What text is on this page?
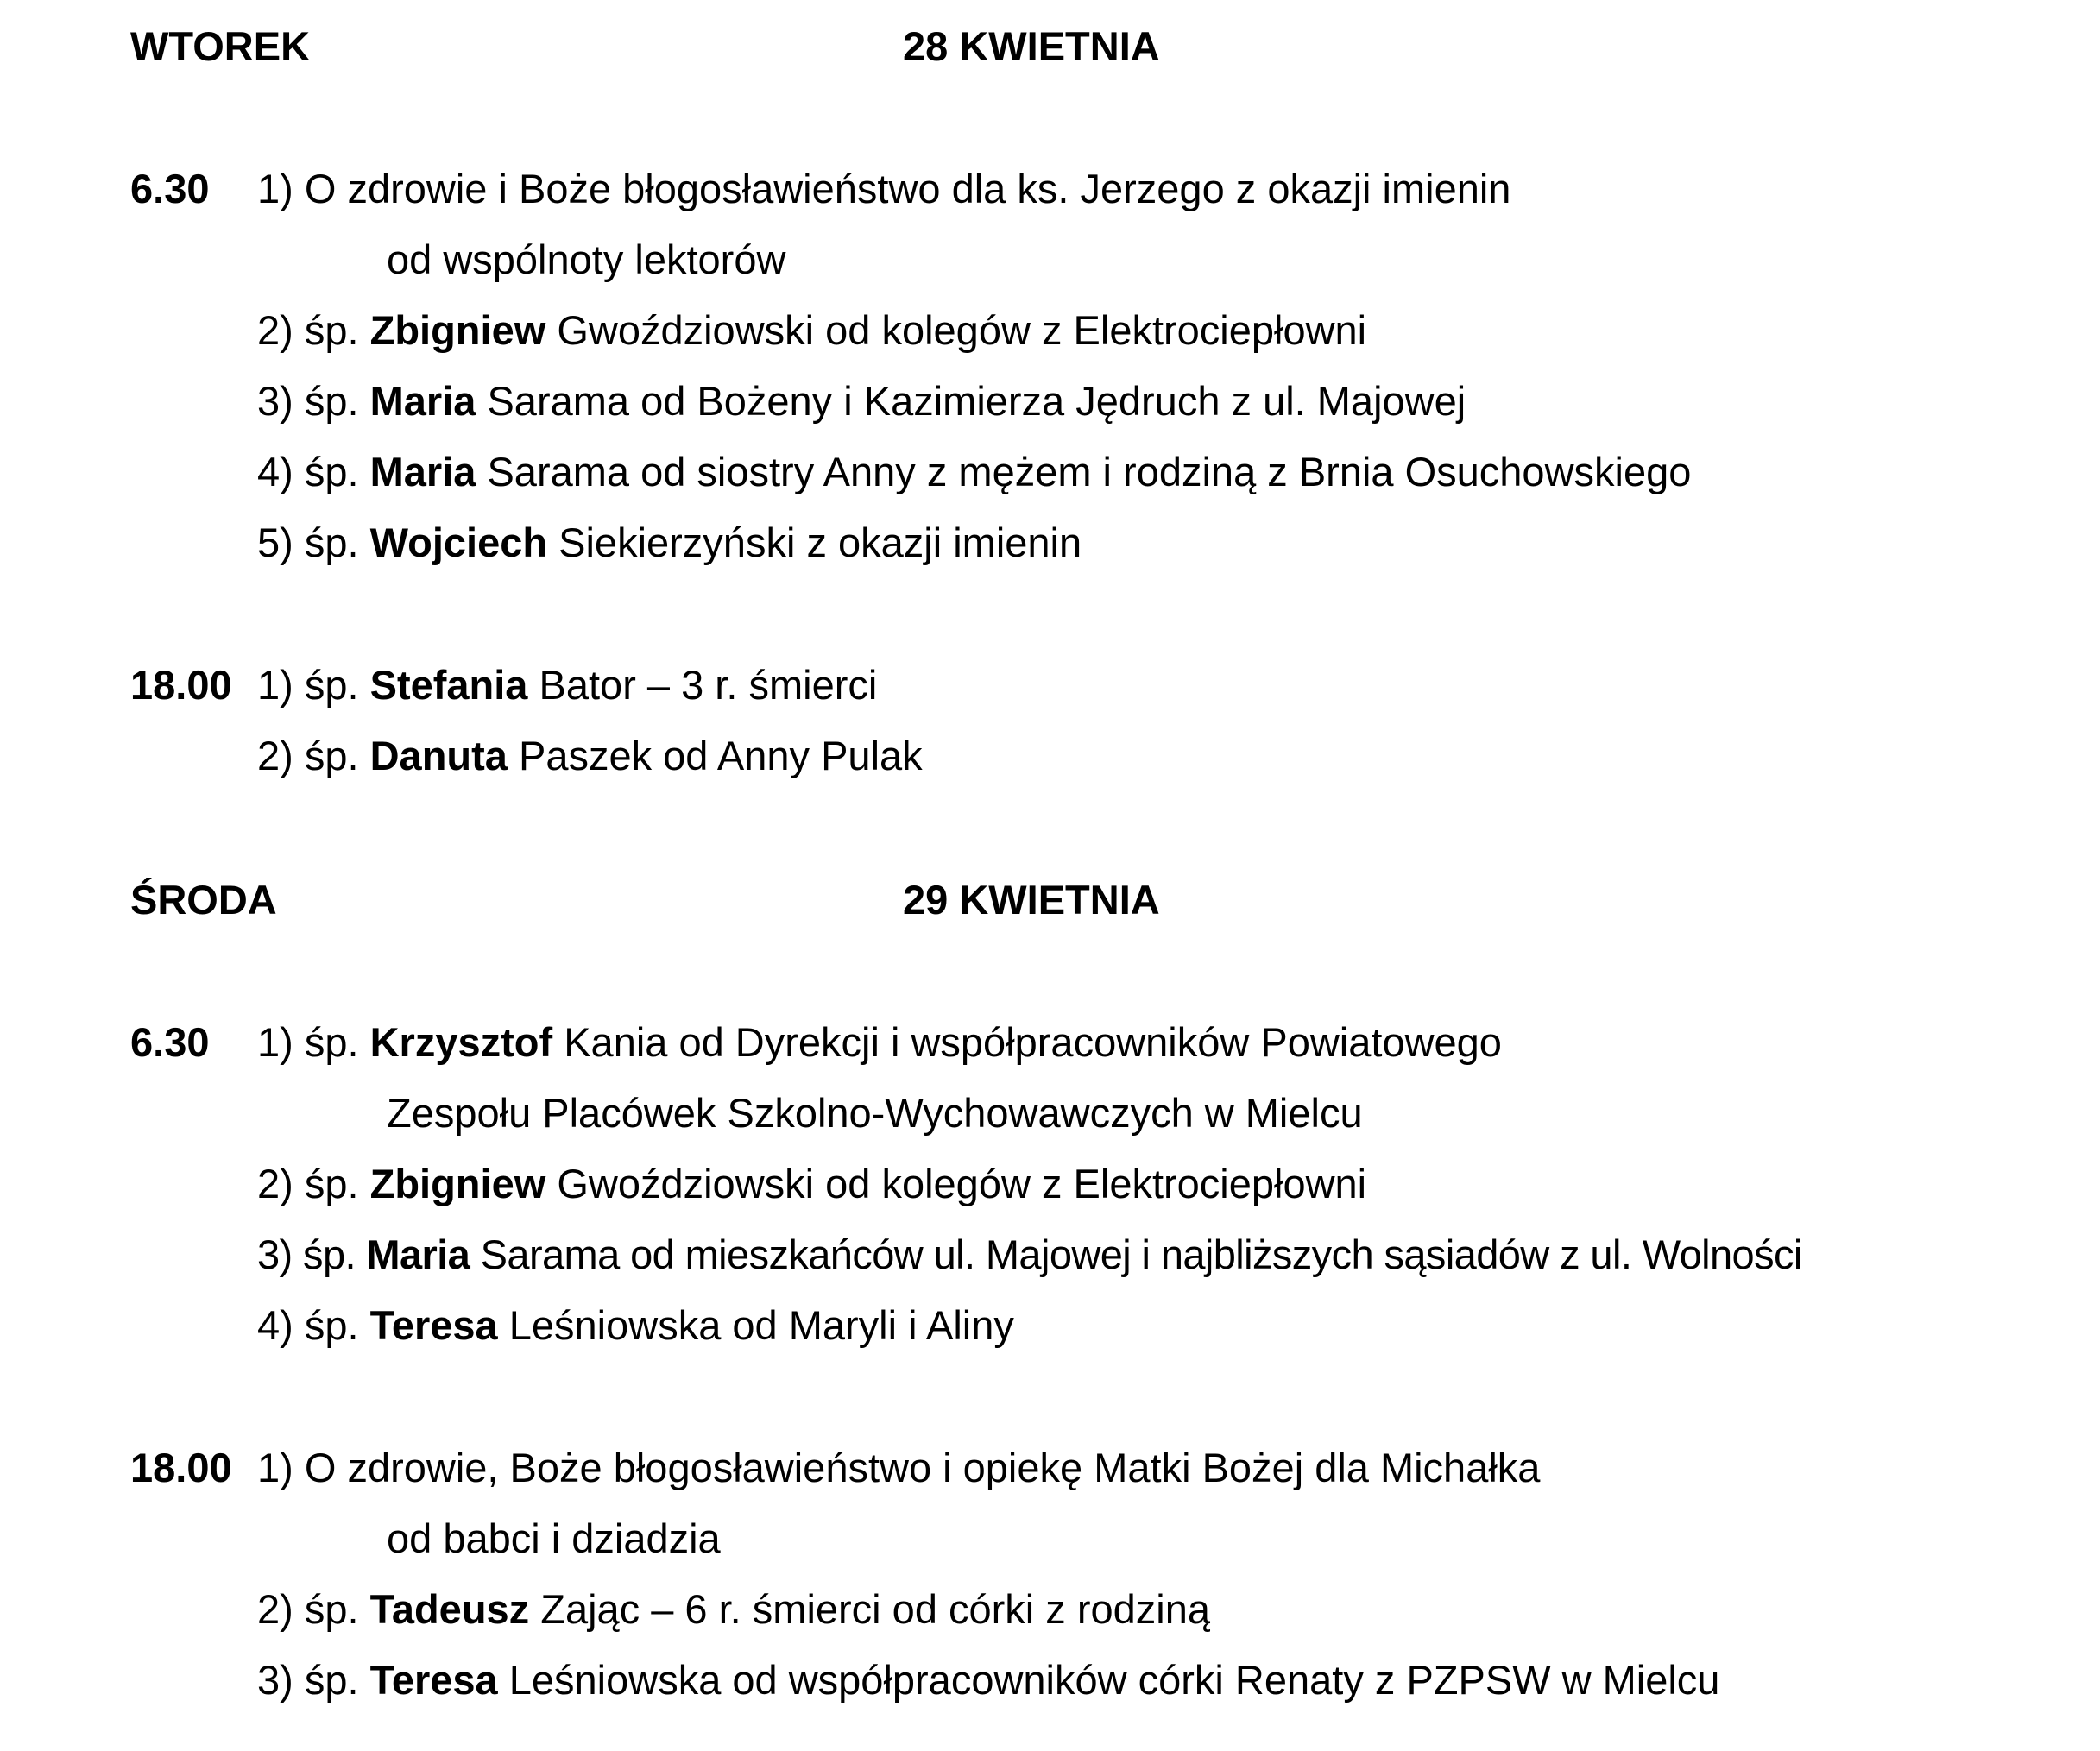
WTOREK	28 KWIETNIA
6.30 1) O zdrowie i Boże błogosławieństwo dla ks. Jerzego z okazji imienin
od wspólnoty lektorów
2) śp. Zbigniew Gwoździowski od kolegów z Elektrociepłowni
3) śp. Maria Sarama od Bożeny i Kazimierza Jędruch z ul. Majowej
4) śp. Maria Sarama od siostry Anny z mężem i rodziną z Brnia Osuchowskiego
5) śp. Wojciech Siekierzyński z okazji imienin
18.00 1) śp. Stefania Bator – 3 r. śmierci
2) śp. Danuta Paszek od Anny Pulak
ŚRODA	29 KWIETNIA
6.30 1) śp. Krzysztof Kania od Dyrekcji i współpracowników Powiatowego
Zespołu Placówek Szkolno-Wychowawczych w Mielcu
2) śp. Zbigniew Gwoździowski od kolegów z Elektrociepłowni
3) śp. Maria Sarama od mieszkańców ul. Majowej i najbliższych sąsiadów z ul. Wolności
4) śp. Teresa Leśniowska od Maryli i Aliny
18.00 1) O zdrowie, Boże błogosławieństwo i opiekę Matki Bożej dla Michałka
od babci i dziadzia
2) śp. Tadeusz Zając – 6 r. śmierci od córki z rodziną
3) śp. Teresa Leśniowska od współpracowników córki Renaty z PZPSW w Mielcu
